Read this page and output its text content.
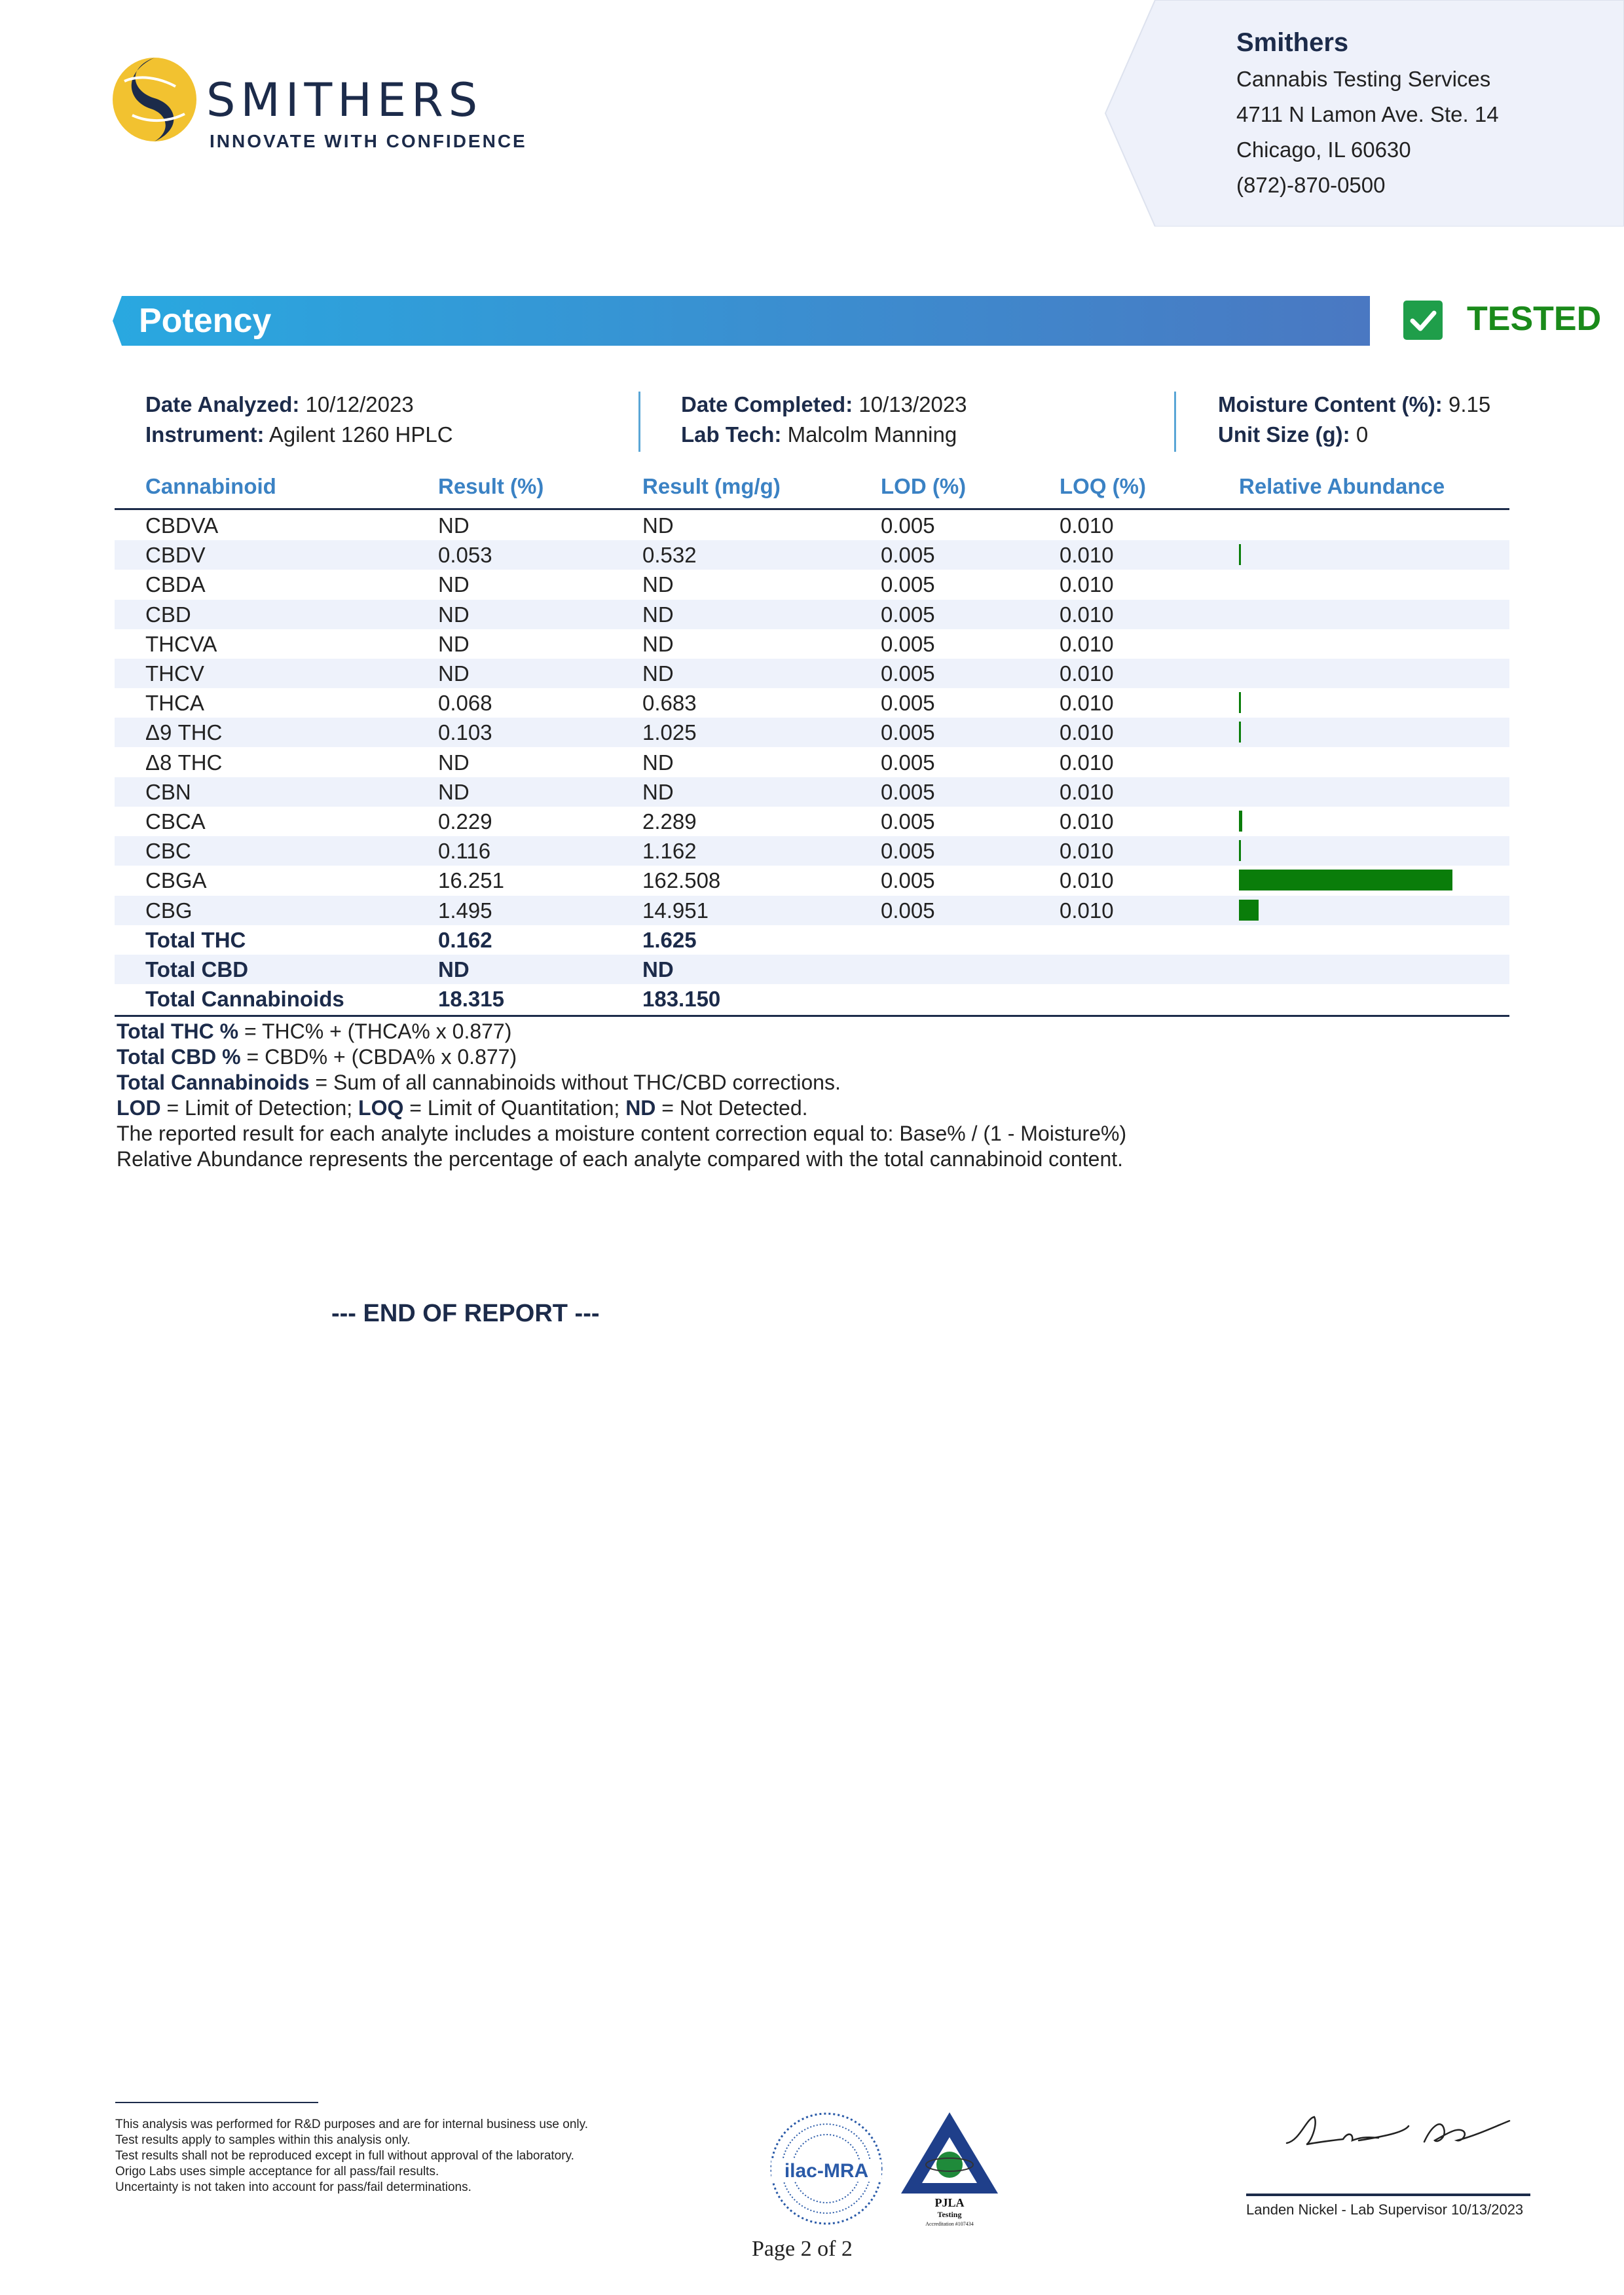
SMITHERS
INNOVATE WITH CONFIDENCE
Smithers
Cannabis Testing Services
4711 N Lamon Ave. Ste. 14
Chicago, IL 60630
(872)-870-0500
Potency	TESTED
Date Analyzed: 10/12/2023
Instrument: Agilent 1260 HPLC
Date Completed: 10/13/2023
Lab Tech: Malcolm Manning
Moisture Content (%): 9.15
Unit Size (g): 0
Cannabinoid	Result (%)	Result (mg/g)	LOD (%)	LOQ (%)	Relative Abundance
CBDVA	ND	ND	0.005	0.010
CBDV	0.053	0.532	0.005	0.010
CBDA	ND	ND	0.005	0.010
CBD	ND	ND	0.005	0.010
THCVA	ND	ND	0.005	0.010
THCV	ND	ND	0.005	0.010
THCA	0.068	0.683	0.005	0.010
Δ9 THC	0.103	1.025	0.005	0.010
Δ8 THC	ND	ND	0.005	0.010
CBN	ND	ND	0.005	0.010
CBCA	0.229	2.289	0.005	0.010
CBC	0.116	1.162	0.005	0.010
CBGA	16.251	162.508	0.005	0.010
CBG	1.495	14.951	0.005	0.010
Total THC	0.162	1.625
Total CBD	ND	ND
Total Cannabinoids	18.315	183.150
Total THC % = THC% + (THCA% x 0.877)
Total CBD % = CBD% + (CBDA% x 0.877)
Total Cannabinoids = Sum of all cannabinoids without THC/CBD corrections.
LOD = Limit of Detection; LOQ = Limit of Quantitation; ND = Not Detected.
The reported result for each analyte includes a moisture content correction equal to: Base% / (1 - Moisture%)
Relative Abundance represents the percentage of each analyte compared with the total cannabinoid content.
--- END OF REPORT ---
This analysis was performed for R&D purposes and are for internal business use only.
Test results apply to samples within this analysis only.
Test results shall not be reproduced except in full without approval of the laboratory.
Origo Labs uses simple acceptance for all pass/fail results.
Uncertainty is not taken into account for pass/fail determinations.
ilac-MRA
PJLA
Testing
Accreditation #107434
Landen Nickel - Lab Supervisor 10/13/2023
Page 2 of 2
